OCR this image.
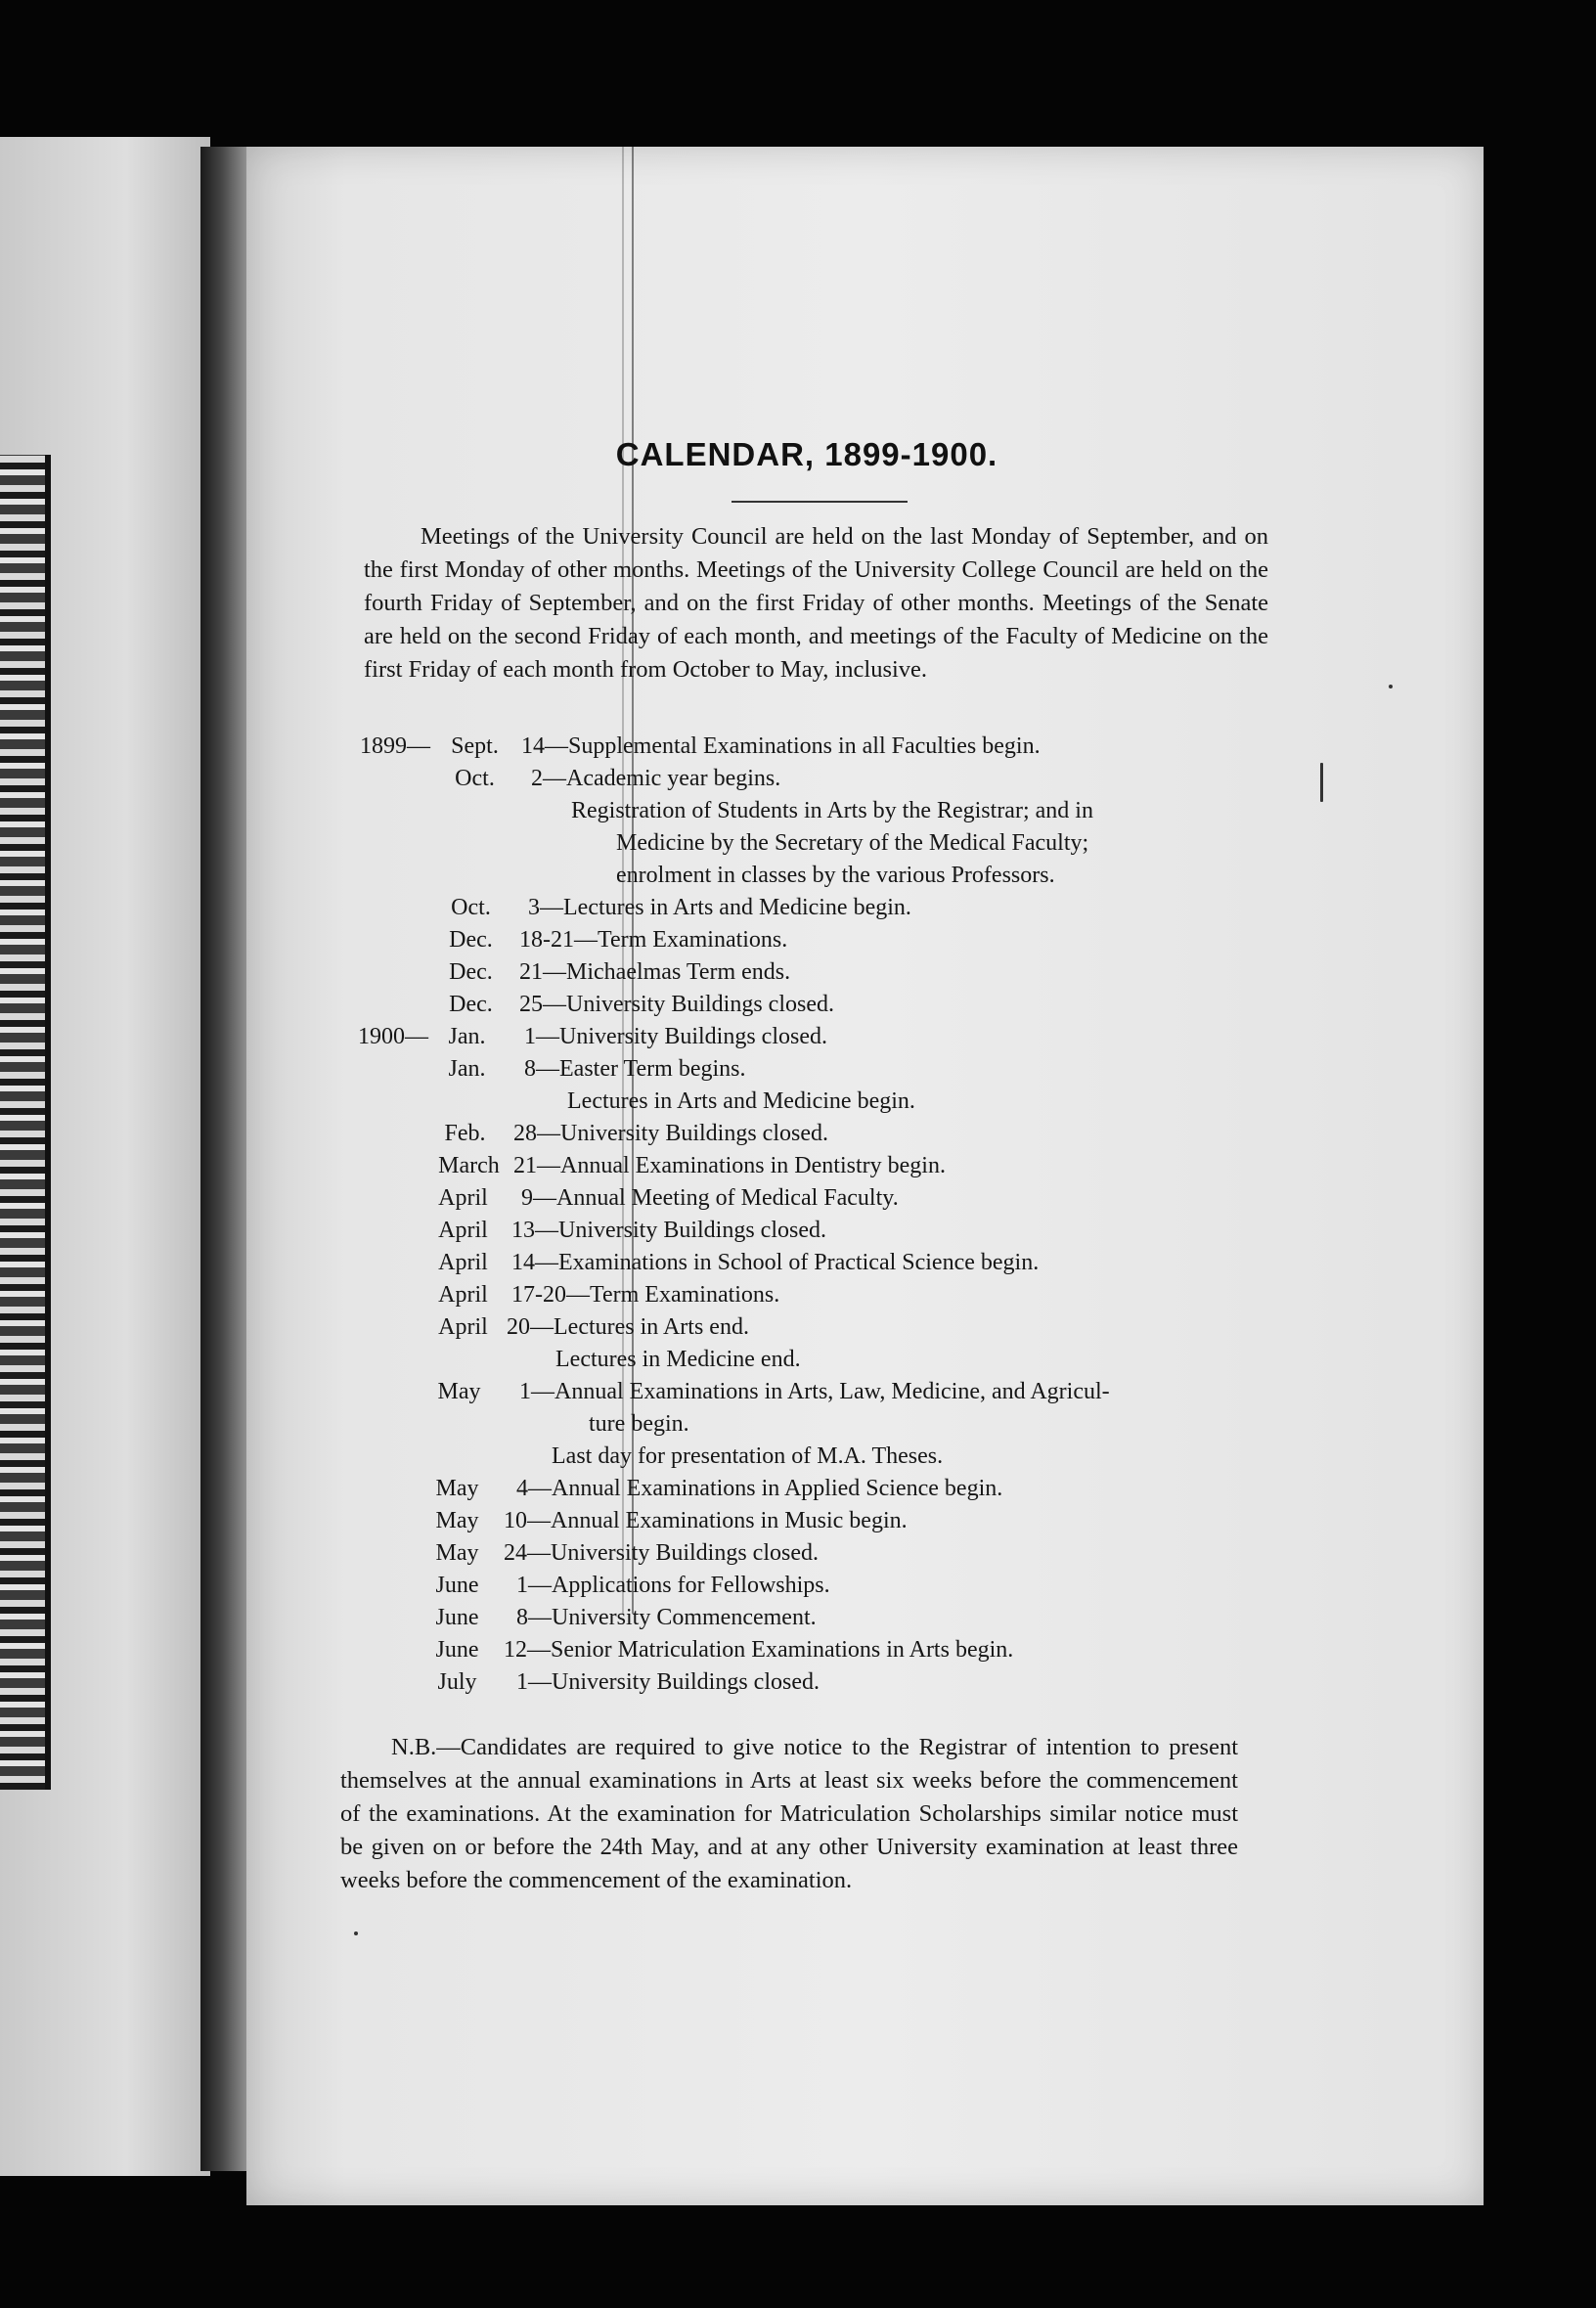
CALENDAR, 1899-1900.

Meetings of the University Council are held on the last Monday of September, and on the first Monday of other months. Meetings of the University College Council are held on the fourth Friday of September, and on the first Friday of other months. Meetings of the Senate are held on the second Friday of each month, and meetings of the Faculty of Medicine on the first Friday of each month from October to May, inclusive.

1899— Sept. 14—Supplemental Examinations in all Faculties begin.
Oct.	2—Academic year begins.
Registration of Students in Arts by the Registrar; and in
Medicine by the Secretary of the Medical Faculty;
enrolment in classes by the various Professors.
Oct.	3—Lectures in Arts and Medicine begin.
Dec.	18-21—Term Examinations.
Dec.	21—Michaelmas Term ends.
Dec.	25—University Buildings closed.
1900— Jan.	1—University Buildings closed.
Jan.	8—Easter Term begins.
Lectures in Arts and Medicine begin.
Feb.	28—University Buildings closed.
March 21—Annual Examinations in Dentistry begin.
April	9—Annual Meeting of Medical Faculty.
April	13—University Buildings closed.
April	14—Examinations in School of Practical Science begin.
April	17-20—Term Examinations.
April 20—Lectures in Arts end.
Lectures in Medicine end.
May	1—Annual Examinations in Arts, Law, Medicine, and Agricul-
ture begin.
Last day for presentation of M.A. Theses.
May	4—Annual Examinations in Applied Science begin.
May	10—Annual Examinations in Music begin.
May	24—University Buildings closed.
June	1—Applications for Fellowships.
June	8—University Commencement.
June	12—Senior Matriculation Examinations in Arts begin.
July	1—University Buildings closed.

N.B.—Candidates are required to give notice to the Registrar of intention to present themselves at the annual examinations in Arts at least six weeks before the commencement of the examinations. At the examination for Matriculation Scholarships similar notice must be given on or before the 24th May, and at any other University examination at least three weeks before the commencement of the examination.
